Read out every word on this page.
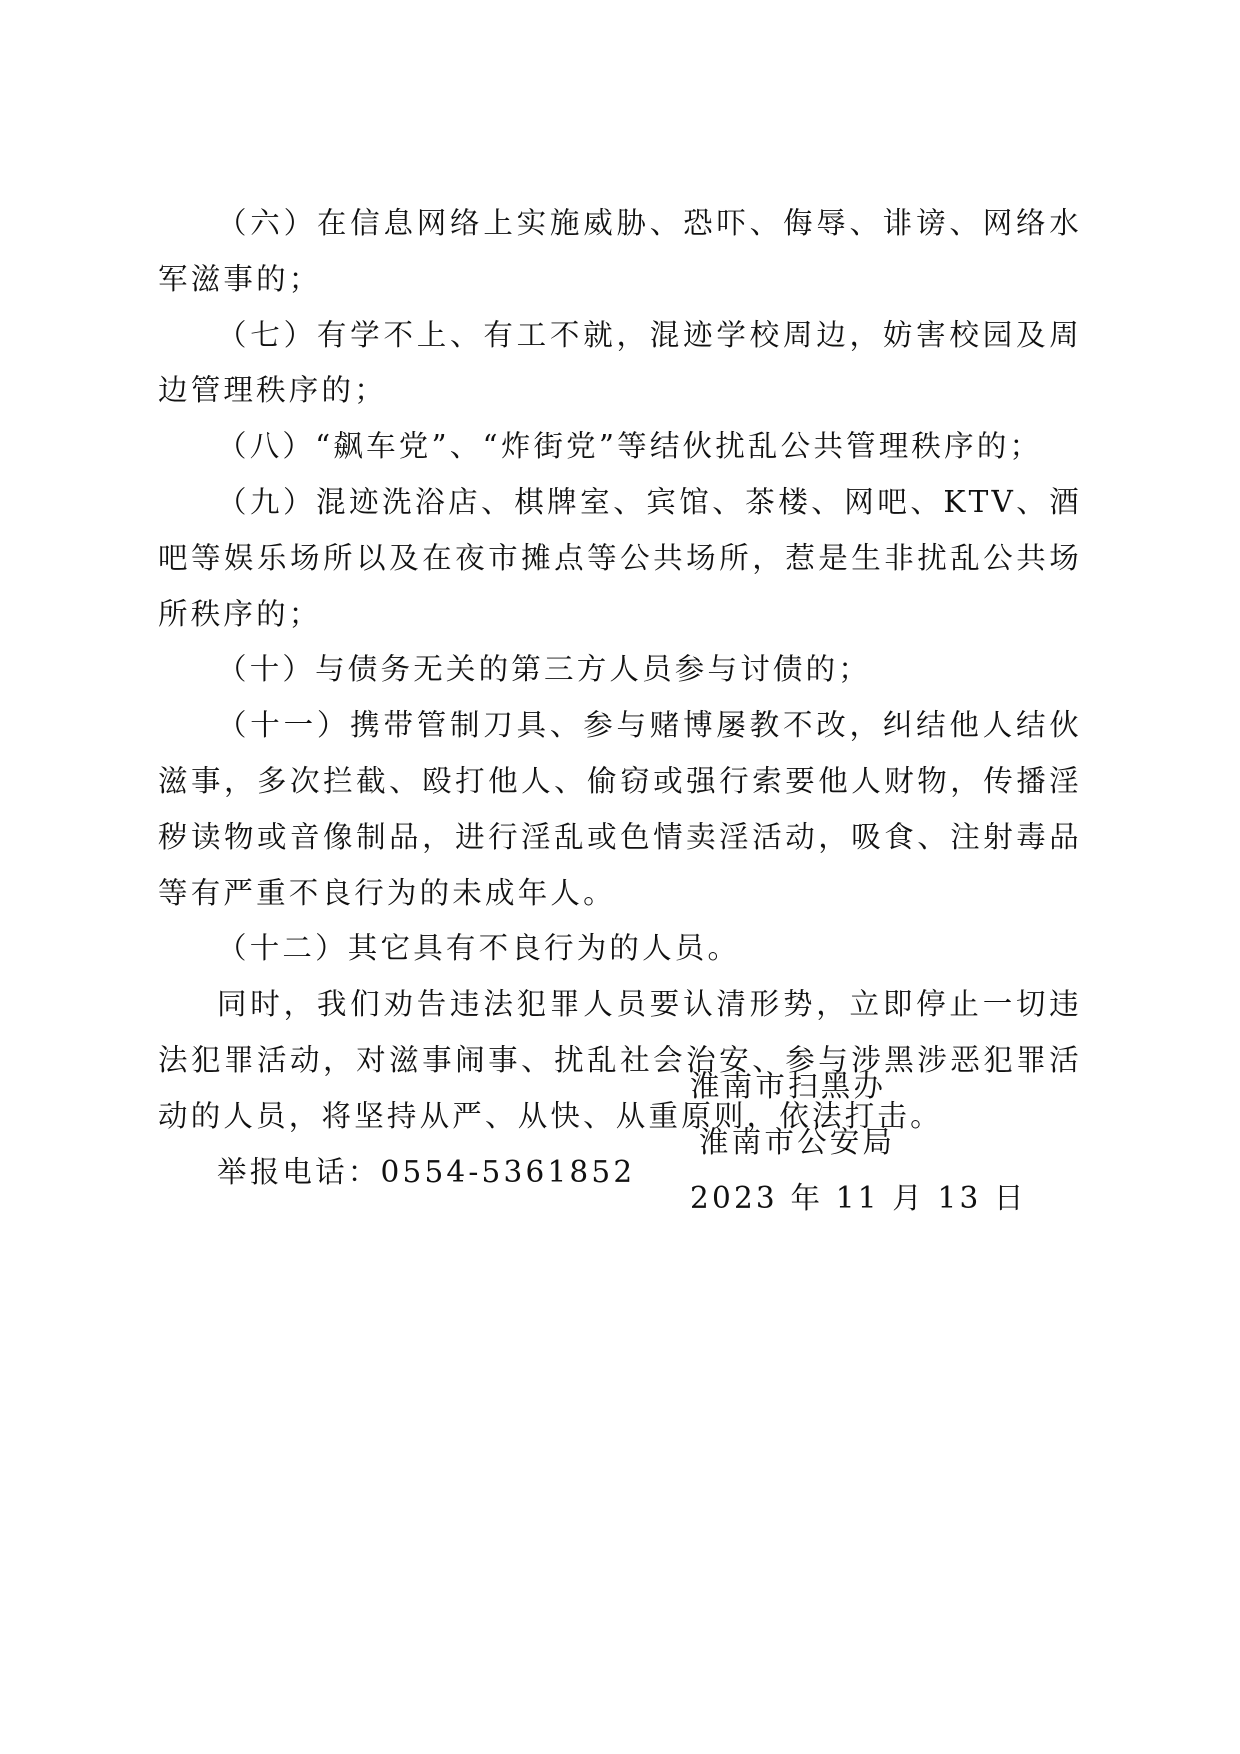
（六）在信息网络上实施威胁、恐吓、侮辱、诽谤、网络水军滋事的；

（七）有学不上、有工不就，混迹学校周边，妨害校园及周边管理秩序的；

（八）“飙车党”、“炸街党”等结伙扰乱公共管理秩序的；

（九）混迹洗浴店、棋牌室、宾馆、茶楼、网吧、KTV、酒吧等娱乐场所以及在夜市摊点等公共场所，惹是生非扰乱公共场所秩序的；

（十）与债务无关的第三方人员参与讨债的；

（十一）携带管制刀具、参与赌博屡教不改，纠结他人结伙滋事，多次拦截、殴打他人、偷窃或强行索要他人财物，传播淫秽读物或音像制品，进行淫乱或色情卖淫活动，吸食、注射毒品等有严重不良行为的未成年人。

（十二）其它具有不良行为的人员。

同时，我们劝告违法犯罪人员要认清形势，立即停止一切违法犯罪活动，对滋事闹事、扰乱社会治安、参与涉黑涉恶犯罪活动的人员，将坚持从严、从快、从重原则，依法打击。

举报电话：0554-5361852

淮南市扫黑办

淮南市公安局

2023 年 11 月 13 日
